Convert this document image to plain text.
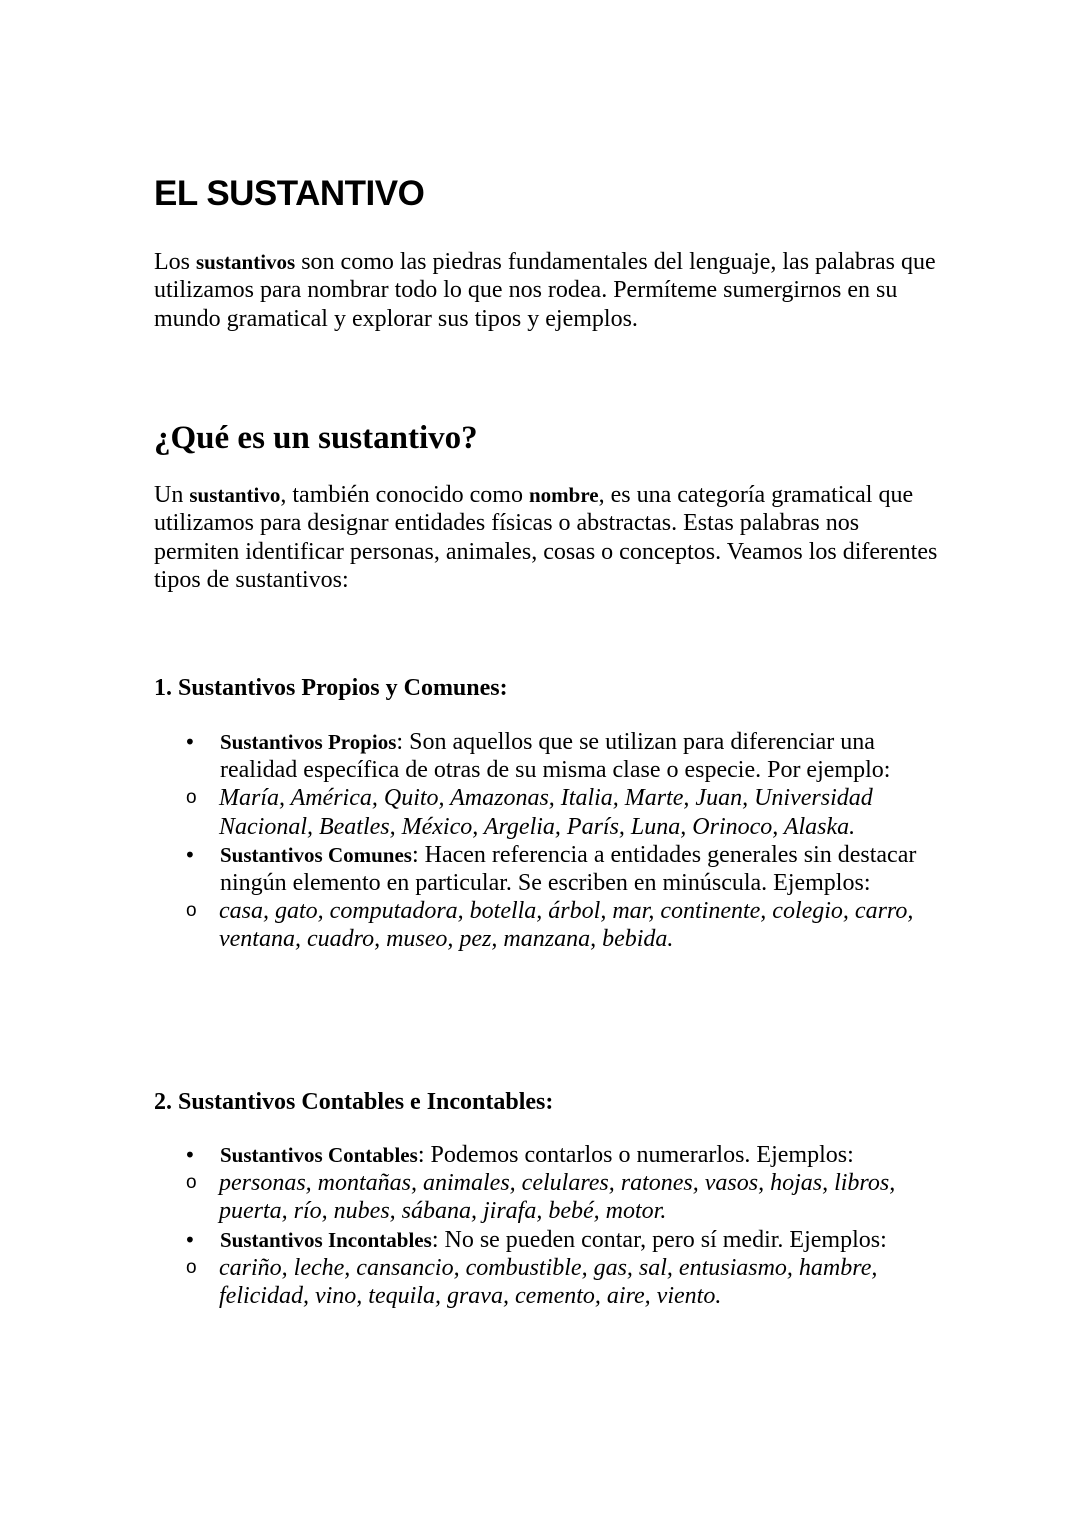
EL SUSTANTIVO

Los sustantivos son como las piedras fundamentales del lenguaje, las palabras que utilizamos para nombrar todo lo que nos rodea. Permíteme sumergirnos en su mundo gramatical y explorar sus tipos y ejemplos.

¿Qué es un sustantivo?

Un sustantivo, también conocido como nombre, es una categoría gramatical que utilizamos para designar entidades físicas o abstractas. Estas palabras nos permiten identificar personas, animales, cosas o conceptos. Veamos los diferentes tipos de sustantivos:

1. Sustantivos Propios y Comunes:
• Sustantivos Propios: Son aquellos que se utilizan para diferenciar una realidad específica de otras de su misma clase o especie. Por ejemplo:
o María, América, Quito, Amazonas, Italia, Marte, Juan, Universidad Nacional, Beatles, México, Argelia, París, Luna, Orinoco, Alaska.
• Sustantivos Comunes: Hacen referencia a entidades generales sin destacar ningún elemento en particular. Se escriben en minúscula. Ejemplos:
o casa, gato, computadora, botella, árbol, mar, continente, colegio, carro, ventana, cuadro, museo, pez, manzana, bebida.
2. Sustantivos Contables e Incontables:
• Sustantivos Contables: Podemos contarlos o numerarlos. Ejemplos:
o personas, montañas, animales, celulares, ratones, vasos, hojas, libros, puerta, río, nubes, sábana, jirafa, bebé, motor.
• Sustantivos Incontables: No se pueden contar, pero sí medir. Ejemplos:
o cariño, leche, cansancio, combustible, gas, sal, entusiasmo, hambre, felicidad, vino, tequila, grava, cemento, aire, viento.
